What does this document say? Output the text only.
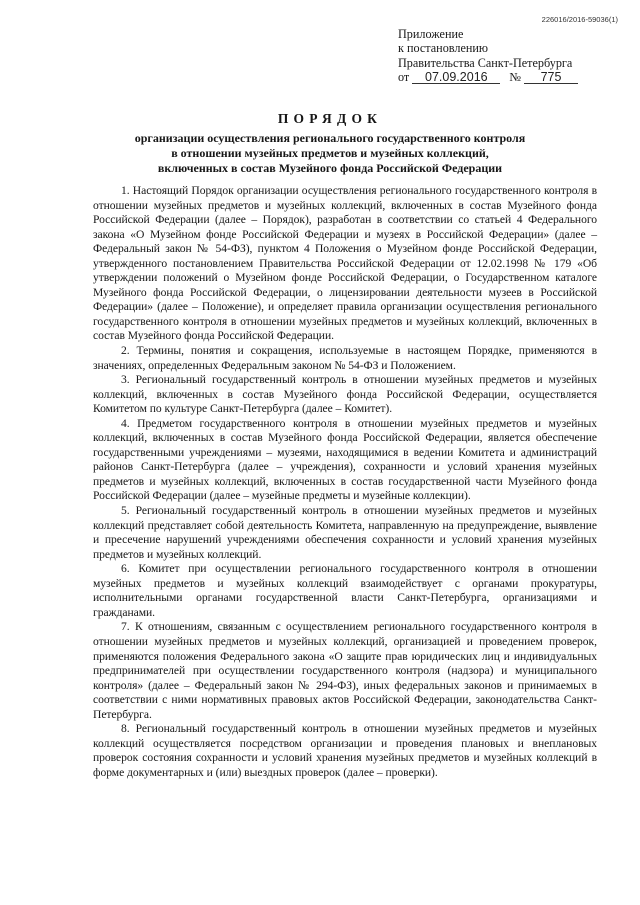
226016/2016-59036(1)
Приложение
к постановлению
Правительства Санкт-Петербурга
от 07.09.2016 № 775
ПОРЯДОК
организации осуществления регионального государственного контроля
в отношении музейных предметов и музейных коллекций,
включенных в состав Музейного фонда Российской Федерации

1. Настоящий Порядок организации осуществления регионального государственного контроля в отношении музейных предметов и музейных коллекций, включенных в состав Музейного фонда Российской Федерации (далее – Порядок), разработан в соответствии со статьей 4 Федерального закона «О Музейном фонде Российской Федерации и музеях в Российской Федерации» (далее – Федеральный закон № 54-ФЗ), пунктом 4 Положения о Музейном фонде Российской Федерации, утвержденного постановлением Правительства Российской Федерации от 12.02.1998 № 179 «Об утверждении положений о Музейном фонде Российской Федерации, о Государственном каталоге Музейного фонда Российской Федерации, о лицензировании деятельности музеев в Российской Федерации» (далее – Положение), и определяет правила организации осуществления регионального государственного контроля в отношении музейных предметов и музейных коллекций, включенных в состав Музейного фонда Российской Федерации.

2. Термины, понятия и сокращения, используемые в настоящем Порядке, применяются в значениях, определенных Федеральным законом № 54-ФЗ и Положением.

3. Региональный государственный контроль в отношении музейных предметов и музейных коллекций, включенных в состав Музейного фонда Российской Федерации, осуществляется Комитетом по культуре Санкт-Петербурга (далее – Комитет).

4. Предметом государственного контроля в отношении музейных предметов и музейных коллекций, включенных в состав Музейного фонда Российской Федерации, является обеспечение государственными учреждениями – музеями, находящимися в ведении Комитета и администраций районов Санкт-Петербурга (далее – учреждения), сохранности и условий хранения музейных предметов и музейных коллекций, включенных в состав государственной части Музейного фонда Российской Федерации (далее – музейные предметы и музейные коллекции).

5. Региональный государственный контроль в отношении музейных предметов и музейных коллекций представляет собой деятельность Комитета, направленную на предупреждение, выявление и пресечение нарушений учреждениями обеспечения сохранности и условий хранения музейных предметов и музейных коллекций.

6. Комитет при осуществлении регионального государственного контроля в отношении музейных предметов и музейных коллекций взаимодействует с органами прокуратуры, исполнительными органами государственной власти Санкт-Петербурга, организациями и гражданами.

7. К отношениям, связанным с осуществлением регионального государственного контроля в отношении музейных предметов и музейных коллекций, организацией и проведением проверок, применяются положения Федерального закона «О защите прав юридических лиц и индивидуальных предпринимателей при осуществлении государственного контроля (надзора) и муниципального контроля» (далее – Федеральный закон № 294-ФЗ), иных федеральных законов и принимаемых в соответствии с ними нормативных правовых актов Российской Федерации, законодательства Санкт-Петербурга.

8. Региональный государственный контроль в отношении музейных предметов и музейных коллекций осуществляется посредством организации и проведения плановых и внеплановых проверок состояния сохранности и условий хранения музейных предметов и музейных коллекций в форме документарных и (или) выездных проверок (далее – проверки).
